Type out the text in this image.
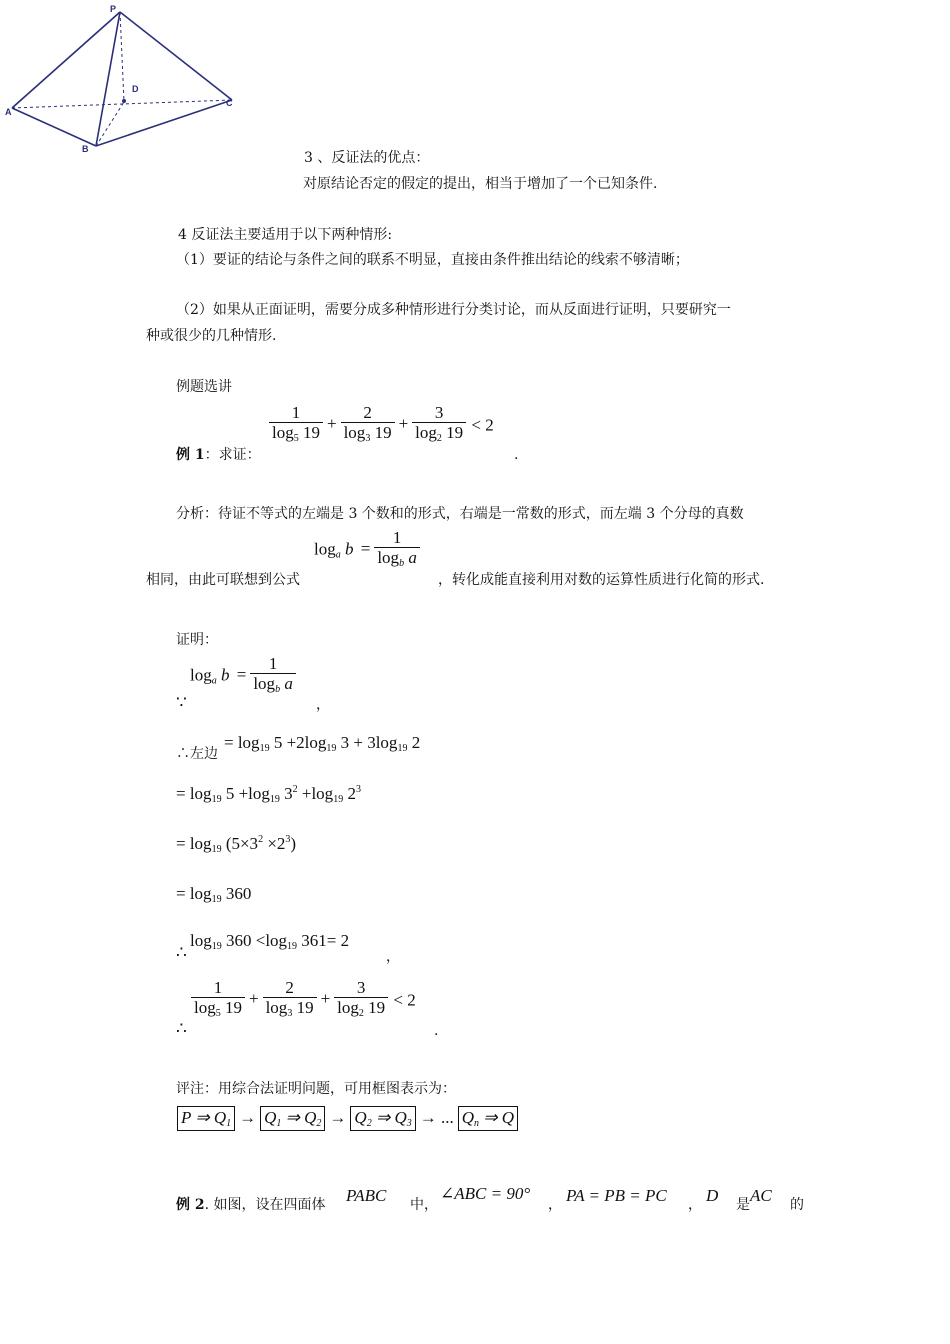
P
A
B
C
D
3 、反证法的优点：
对原结论否定的假定的提出，相当于增加了一个已知条件.
4 反证法主要适用于以下两种情形:
（1）要证的结论与条件之间的联系不明显，直接由条件推出结论的线索不够清晰；
（2）如果从正面证明，需要分成多种情形进行分类讨论，而从反面进行证明，只要研究一
种或很少的几种情形.
例题选讲
$\frac{1}{\log_5 19} + \frac{2}{\log_3 19} + \frac{3}{\log_2 19} < 2$
例 1：求证：	.
分析：待证不等式的左端是 3 个数和的形式，右端是一常数的形式，而左端 3 个分母的真数
$\log_a b = \frac{1}{\log_b a}$
相同，由此可联想到公式	，转化成能直接利用对数的运算性质进行化简的形式.
证明：
$\log_a b = \frac{1}{\log_b a}$
∵	，
∴左边
= $\log_{19} 5 +2\log_{19}$ $3 + 3\log_{19}$ 2
= $\log_{19} 5 +\log_{19}$ $3^2 +\log_{19}$ $2^3$
= $\log_{19} (5\times 3^2 \times 2^3)$
= $\log_{19} 360$
∴
$\log_{19} 360 <\log_{19}$ 361= 2
，
$\frac{1}{\log_5 19} + \frac{2}{\log_3 19} + \frac{3}{\log_2 19} < 2$
∴	.
评注：用综合法证明问题，可用框图表示为：
P ⇒ $Q_1 \to Q_1$ ⇒ $Q_2 \to Q_2$ ⇒ $Q_3$ → ... $Q_n$ ⇒ Q
例 2. 如图，设在四面体 PABC 中，
∠ABC = 90°
， PA = PB = PC ， D 是 AC 的
